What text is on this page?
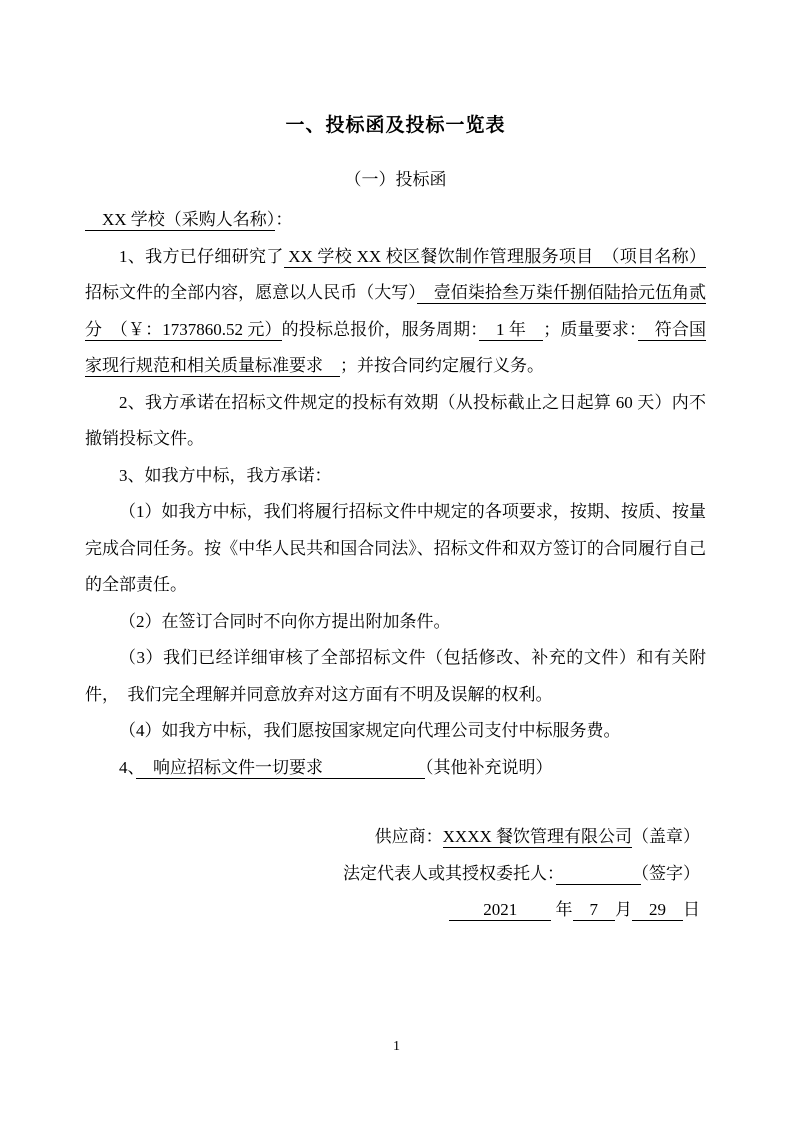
一、投标函及投标一览表
（一）投标函

　XX 学校（采购人名称）：

1、我方已仔细研究了 XX 学校 XX 校区餐饮制作管理服务项目　（项目名称）招标文件的全部内容，愿意以人民币（大写）　壹佰柒拾叁万柒仟捌佰陆拾元伍角贰分　（￥：1737860.52 元）的投标总报价，服务周期：　1 年　；质量要求：　符合国家现行规范和相关质量标准要求　；并按合同约定履行义务。

2、我方承诺在招标文件规定的投标有效期（从投标截止之日起算 60 天）内不撤销投标文件。

3、如我方中标，我方承诺：

（1）如我方中标，我们将履行招标文件中规定的各项要求，按期、按质、按量完成合同任务。按《中华人民共和国合同法》、招标文件和双方签订的合同履行自己的全部责任。

（2）在签订合同时不向你方提出附加条件。

（3）我们已经详细审核了全部招标文件（包括修改、补充的文件）和有关附件，　我们完全理解并同意放弃对这方面有不明及误解的权利。

（4）如我方中标，我们愿按国家规定向代理公司支付中标服务费。

4、　响应招标文件一切要求　　　　　　（其他补充说明）

供应商：XXXX 餐饮管理有限公司（盖章）

法定代表人或其授权委托人：　　　　　	（签字）

　　2021　　 年　7　月　29　日

1
